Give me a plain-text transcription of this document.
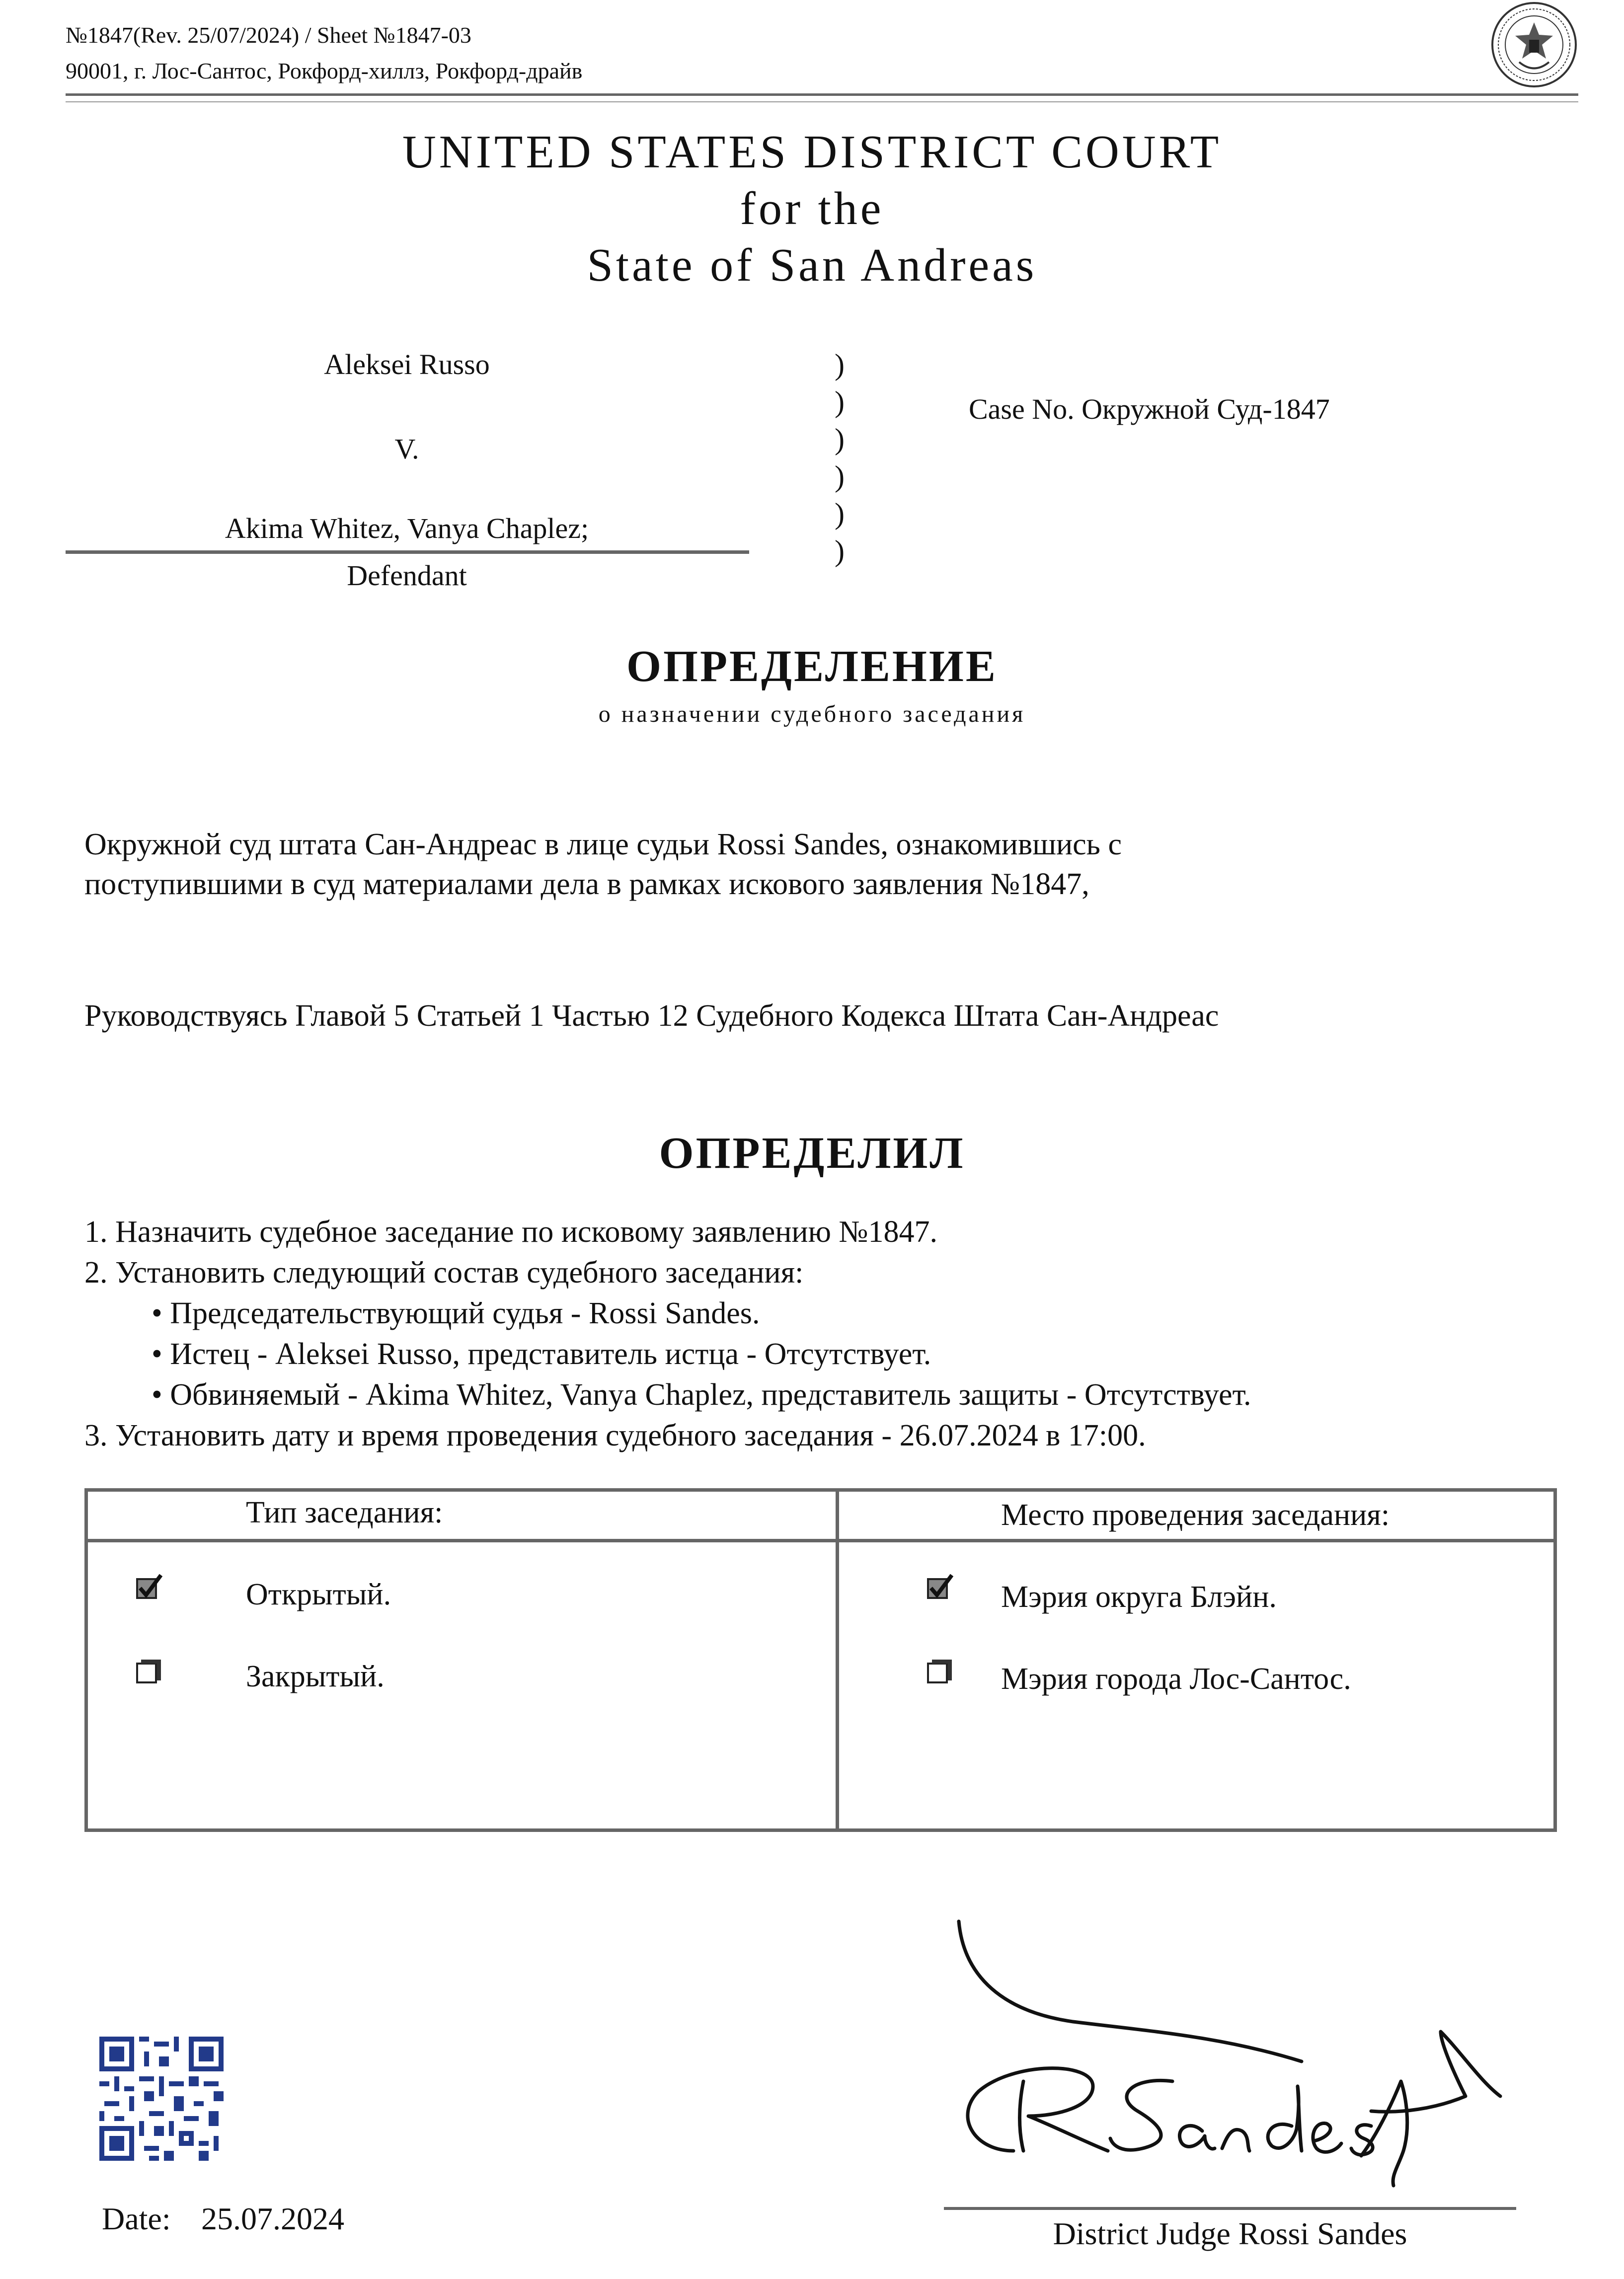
№1847(Rev. 25/07/2024) / Sheet №1847-03
90001, г. Лос-Сантос, Рокфорд-хиллз, Рокфорд-драйв
UNITED STATES DISTRICT COURT
for the
State of San Andreas
Aleksei Russo
V.
Akima Whitez, Vanya Chaplez;
Defendant
)
)
)
)
)
)
Case No. Окружной Суд-1847
ОПРЕДЕЛЕНИЕ
о назначении судебного заседания
Окружной суд штата Сан-Андреас в лице судьи Rossi Sandes, ознакомившись с
поступившими в суд материалами дела в рамках искового заявления №1847,
Руководствуясь Главой 5 Статьей 1 Частью 12 Судебного Кодекса Штата Сан-Андреас
ОПРЕДЕЛИЛ
1. Назначить судебное заседание по исковому заявлению №1847.
2. Установить следующий состав судебного заседания:
• Председательствующий судья - Rossi Sandes.
• Истец - Aleksei Russo, представитель истца - Отсутствует.
• Обвиняемый - Akima Whitez, Vanya Chaplez, представитель защиты - Отсутствует.
3. Установить дату и время проведения судебного заседания - 26.07.2024 в 17:00.
Тип заседания:	Место проведения заседания:
Открытый.
Закрытый.
Мэрия округа Блэйн.
Мэрия города Лос-Сантос.
Date: 25.07.2024	District Judge Rossi Sandes
